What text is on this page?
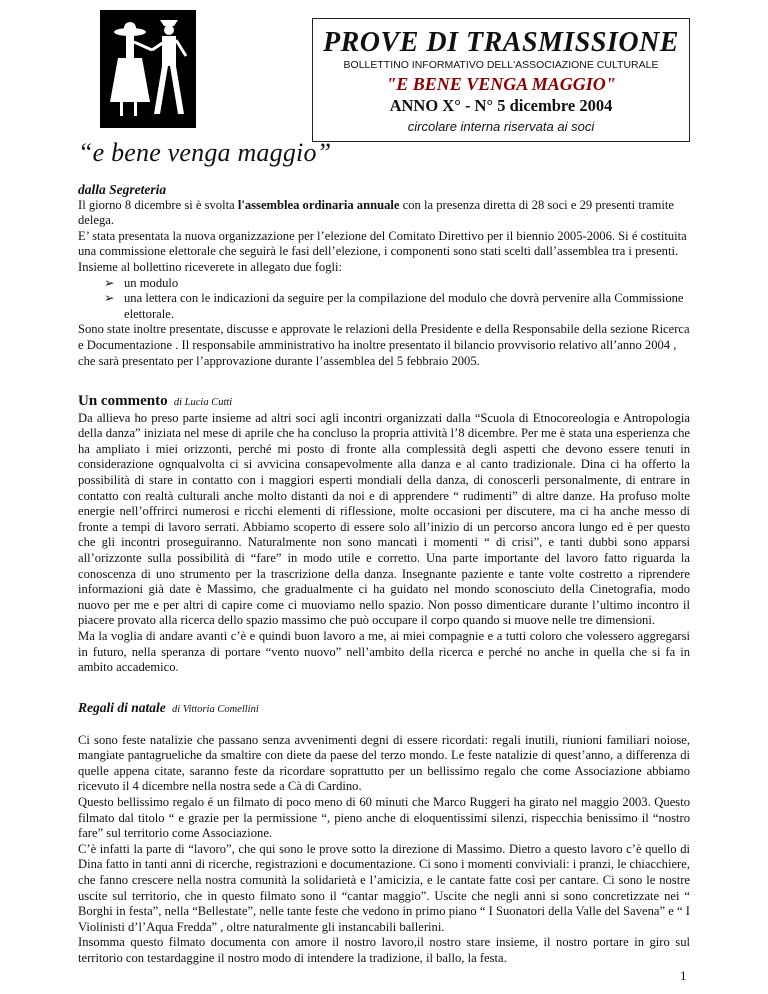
“e bene venga maggio”
PROVE DI TRASMISSIONE
BOLLETTINO INFORMATIVO DELL'ASSOCIAZIONE CULTURALE
"E BENE VENGA MAGGIO"
ANNO X° - N° 5 dicembre 2004
circolare interna riservata ai soci
dalla Segreteria

Il giorno 8 dicembre si è svolta l'assemblea ordinaria annuale con la presenza diretta di 28 soci e 29 presenti tramite delega.

E’ stata presentata la nuova organizzazione per l’elezione del Comitato Direttivo per il biennio 2005-2006. Si é costituita una commissione elettorale che seguirà le fasi dell’elezione, i componenti sono stati scelti dall’assemblea tra i presenti.

Insieme al bollettino riceverete in allegato due fogli:

➢ un modulo
➢ una lettera con le indicazioni da seguire per la compilazione del modulo che dovrà pervenire alla Commissione elettorale.

Sono state inoltre presentate, discusse e approvate le relazioni della Presidente e della Responsabile della sezione Ricerca e Documentazione . Il responsabile amministrativo ha inoltre presentato il bilancio provvisorio relativo all’anno 2004 , che sarà presentato per l’approvazione durante l’assemblea del 5 febbraio 2005.

Un commento di Lucia Cutti

Da allieva ho preso parte insieme ad altri soci agli incontri organizzati dalla “Scuola di Etnocoreologia e Antropologia della danza” iniziata nel mese di aprile che ha concluso la propria attività l’8 dicembre. Per me è stata una esperienza che ha ampliato i miei orizzonti, perché mi posto di fronte alla complessità degli aspetti che devono essere tenuti in considerazione ognqualvolta ci si avvicina consapevolmente alla danza e al canto tradizionale. Dina ci ha offerto la possibilità di stare in contatto con i maggiori esperti mondiali della danza, di conoscerli personalmente, di entrare in contatto con realtà culturali anche molto distanti da noi e di apprendere “ rudimenti” di altre danze. Ha profuso molte energie nell’offrirci numerosi e ricchi elementi di riflessione, molte occasioni per discutere, ma ci ha anche messo di fronte a tempi di lavoro serrati. Abbiamo scoperto di essere solo all’inizio di un percorso ancora lungo ed è per questo che gli incontri proseguiranno. Naturalmente non sono mancati i momenti “ di crisi”, e tanti dubbi sono apparsi all’orizzonte sulla possibilità di “fare” in modo utile e corretto. Una parte importante del lavoro fatto riguarda la conoscenza di uno strumento per la trascrizione della danza. Insegnante paziente e tante volte costretto a riprendere informazioni già date è Massimo, che gradualmente ci ha guidato nel mondo sconosciuto della Cinetografia, modo nuovo per me e per altri di capire come ci muoviamo nello spazio. Non posso dimenticare durante l’ultimo incontro il piacere provato alla ricerca dello spazio massimo che può occupare il corpo quando si muove nelle tre dimensioni.

Ma la voglia di andare avanti c’è e quindi buon lavoro a me, ai miei compagnie e a tutti coloro che volessero aggregarsi in futuro, nella speranza di portare “vento nuovo” nell’ambito della ricerca e perché no anche in quella che si fa in ambito accademico.

Regali di natale di Vittoria Comellini

Ci sono feste natalizie che passano senza avvenimenti degni di essere ricordati: regali inutili, riunioni familiari noiose, mangiate pantagrueliche da smaltire con diete da paese del terzo mondo. Le feste natalizie di quest’anno, a differenza di quelle appena citate, saranno feste da ricordare soprattutto per un bellissimo regalo che come Associazione abbiamo ricevuto il 4 dicembre nella nostra sede a Cà di Cardino.

Questo bellissimo regalo é un filmato di poco meno di 60 minuti che Marco Ruggeri ha girato nel maggio 2003. Questo filmato dal titolo “ e grazie per la permissione “, pieno anche di eloquentissimi silenzi, rispecchia benissimo il “nostro fare” sul territorio come Associazione.

C’è infatti la parte di “lavoro”, che qui sono le prove sotto la direzione di Massimo. Dietro a questo lavoro c’è quello di Dina fatto in tanti anni di ricerche, registrazioni e documentazione. Ci sono i momenti conviviali: i pranzi, le chiacchiere, che fanno crescere nella nostra comunità la solidarietà e l’amicizia, e le cantate fatte così per cantare. Ci sono le nostre uscite sul territorio, che in questo filmato sono il “cantar maggio”. Uscite che negli anni si sono concretizzate nei “ Borghi in festa”, nella “Bellestate”, nelle tante feste che vedono in primo piano “ I Suonatori della Valle del Savena” e “ I Violinisti d’l’Aqua Fredda” , oltre naturalmente gli instancabili ballerini.

Insomma questo filmato documenta con amore il nostro lavoro,il nostro stare insieme, il nostro portare in giro sul territorio con testardaggine il nostro modo di intendere la tradizione, il ballo, la festa.

1
